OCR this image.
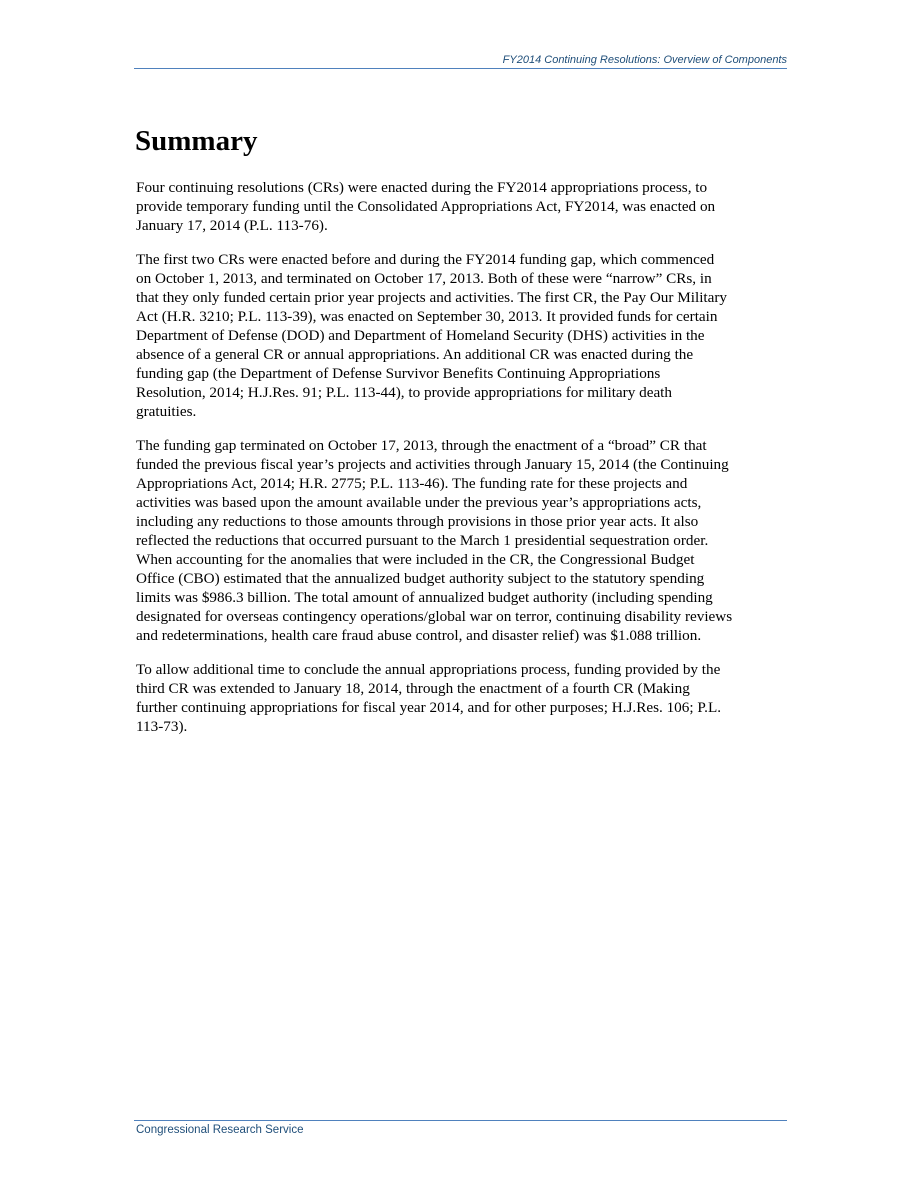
FY2014 Continuing Resolutions: Overview of Components
Summary

Four continuing resolutions (CRs) were enacted during the FY2014 appropriations process, to
provide temporary funding until the Consolidated Appropriations Act, FY2014, was enacted on
January 17, 2014 (P.L. 113-76).

The first two CRs were enacted before and during the FY2014 funding gap, which commenced
on October 1, 2013, and terminated on October 17, 2013. Both of these were “narrow” CRs, in
that they only funded certain prior year projects and activities. The first CR, the Pay Our Military
Act (H.R. 3210; P.L. 113-39), was enacted on September 30, 2013. It provided funds for certain
Department of Defense (DOD) and Department of Homeland Security (DHS) activities in the
absence of a general CR or annual appropriations. An additional CR was enacted during the
funding gap (the Department of Defense Survivor Benefits Continuing Appropriations
Resolution, 2014; H.J.Res. 91; P.L. 113-44), to provide appropriations for military death
gratuities.

The funding gap terminated on October 17, 2013, through the enactment of a “broad” CR that
funded the previous fiscal year’s projects and activities through January 15, 2014 (the Continuing
Appropriations Act, 2014; H.R. 2775; P.L. 113-46). The funding rate for these projects and
activities was based upon the amount available under the previous year’s appropriations acts,
including any reductions to those amounts through provisions in those prior year acts. It also
reflected the reductions that occurred pursuant to the March 1 presidential sequestration order.
When accounting for the anomalies that were included in the CR, the Congressional Budget
Office (CBO) estimated that the annualized budget authority subject to the statutory spending
limits was $986.3 billion. The total amount of annualized budget authority (including spending
designated for overseas contingency operations/global war on terror, continuing disability reviews
and redeterminations, health care fraud abuse control, and disaster relief) was $1.088 trillion.

To allow additional time to conclude the annual appropriations process, funding provided by the
third CR was extended to January 18, 2014, through the enactment of a fourth CR (Making
further continuing appropriations for fiscal year 2014, and for other purposes; H.J.Res. 106; P.L.
113-73).

Congressional Research Service
